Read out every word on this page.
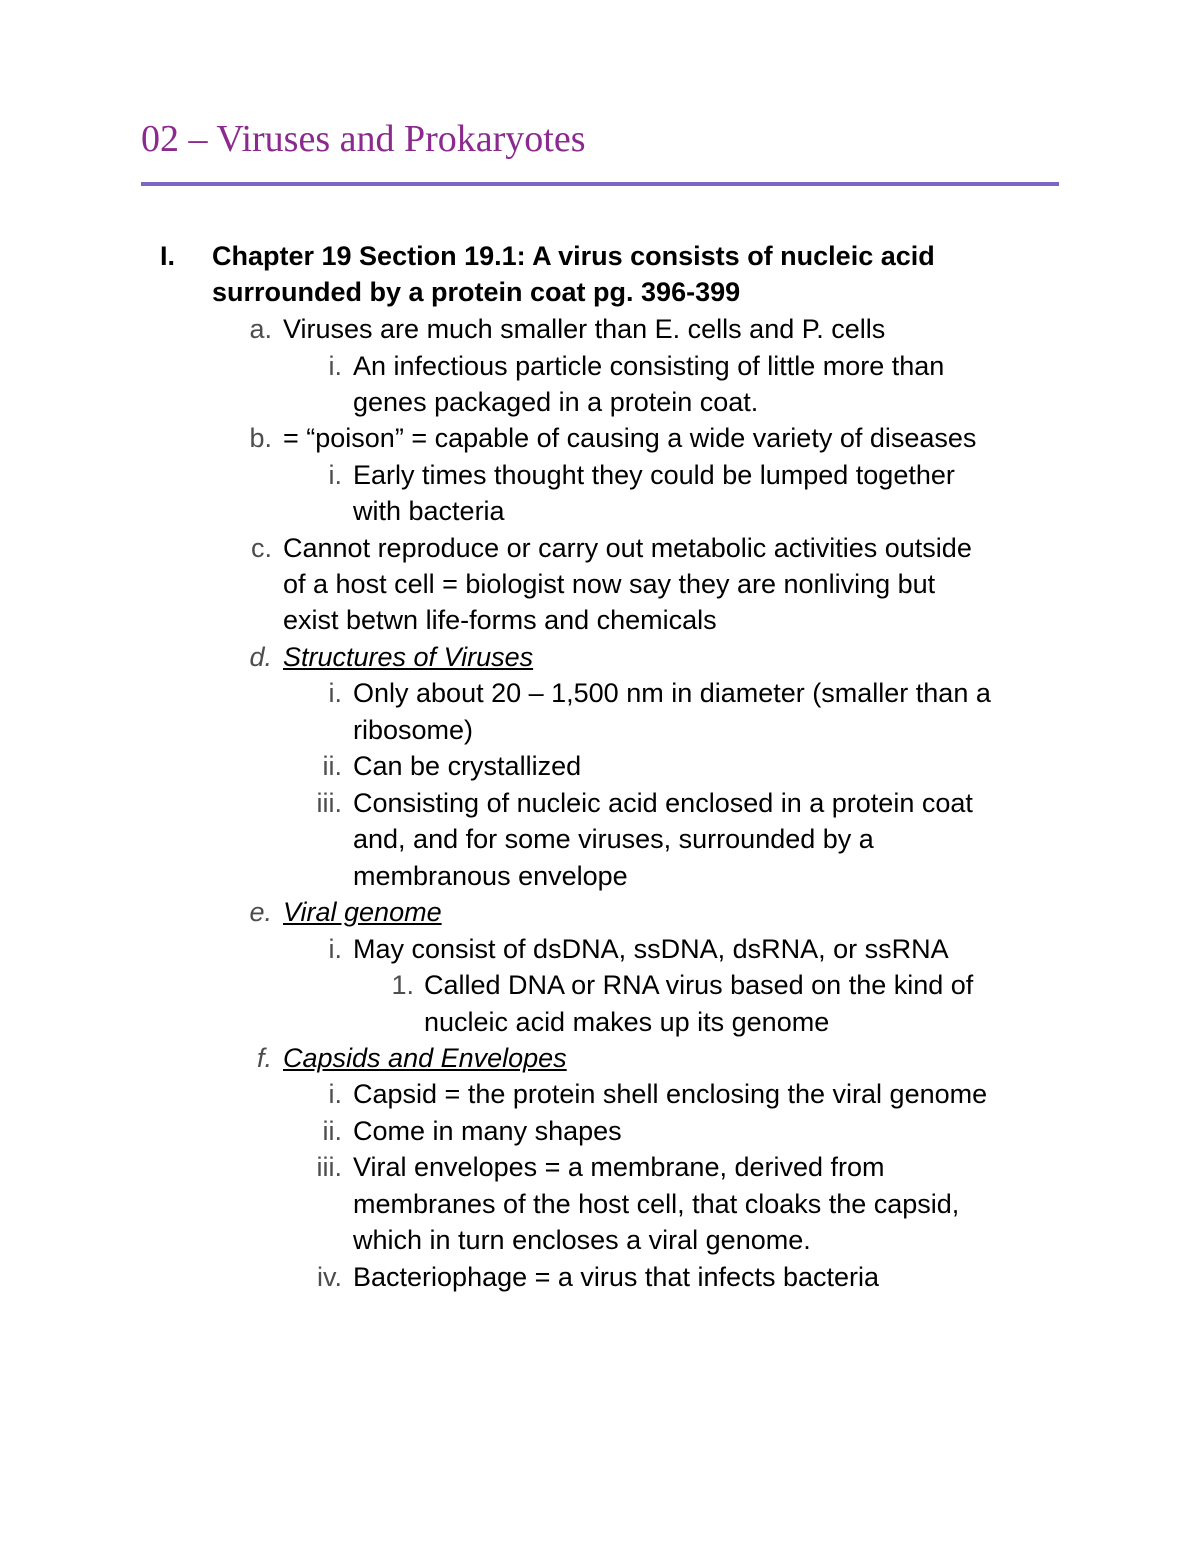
02 – Viruses and Prokaryotes
I. Chapter 19 Section 19.1: A virus consists of nucleic acid
surrounded by a protein coat pg. 396-399
a. Viruses are much smaller than E. cells and P. cells
i. An infectious particle consisting of little more than
genes packaged in a protein coat.
b. = “poison” = capable of causing a wide variety of diseases
i. Early times thought they could be lumped together
with bacteria
c. Cannot reproduce or carry out metabolic activities outside
of a host cell = biologist now say they are nonliving but
exist betwn life-forms and chemicals
d. Structures of Viruses
i. Only about 20 – 1,500 nm in diameter (smaller than a
ribosome)
ii. Can be crystallized
iii. Consisting of nucleic acid enclosed in a protein coat
and, and for some viruses, surrounded by a
membranous envelope
e. Viral genome
i. May consist of dsDNA, ssDNA, dsRNA, or ssRNA
1. Called DNA or RNA virus based on the kind of
nucleic acid makes up its genome
f. Capsids and Envelopes
i. Capsid = the protein shell enclosing the viral genome
ii. Come in many shapes
iii. Viral envelopes = a membrane, derived from
membranes of the host cell, that cloaks the capsid,
which in turn encloses a viral genome.
iv. Bacteriophage = a virus that infects bacteria
